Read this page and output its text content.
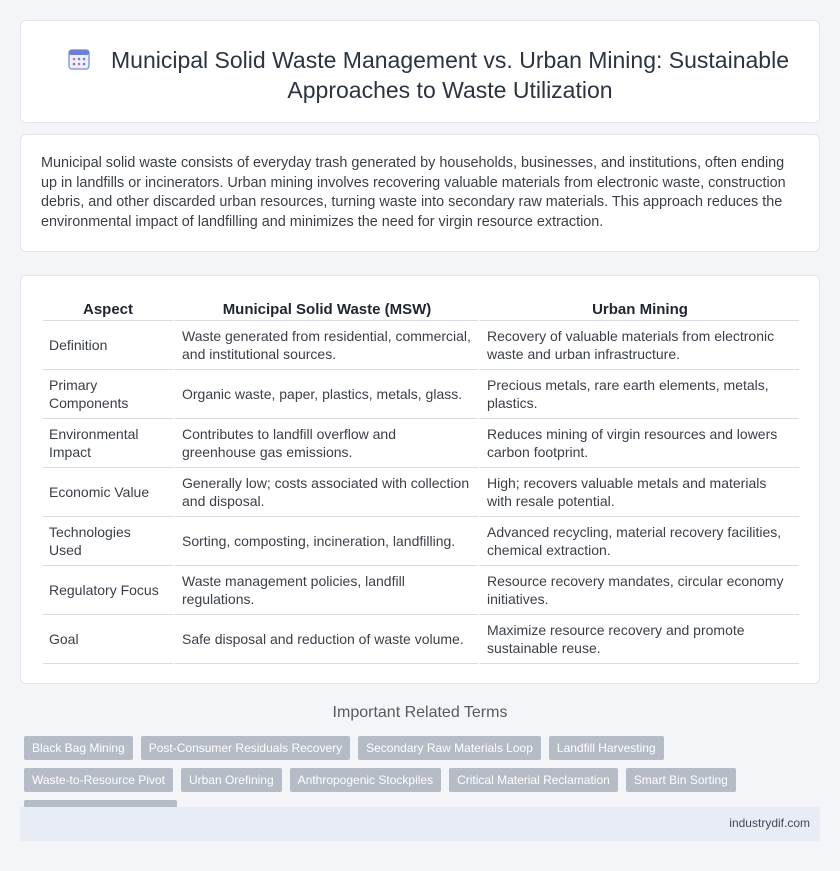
Municipal Solid Waste Management vs. Urban Mining: Sustainable Approaches to Waste Utilization

Municipal solid waste consists of everyday trash generated by households, businesses, and institutions, often ending up in landfills or incinerators. Urban mining involves recovering valuable materials from electronic waste, construction debris, and other discarded urban resources, turning waste into secondary raw materials. This approach reduces the environmental impact of landfilling and minimizes the need for virgin resource extraction.

Aspect	Municipal Solid Waste (MSW)	Urban Mining
Definition	Waste generated from residential, commercial, and institutional sources.	Recovery of valuable materials from electronic waste and urban infrastructure.
Primary Components	Organic waste, paper, plastics, metals, glass.	Precious metals, rare earth elements, metals, plastics.
Environmental Impact	Contributes to landfill overflow and greenhouse gas emissions.	Reduces mining of virgin resources and lowers carbon footprint.
Economic Value	Generally low; costs associated with collection and disposal.	High; recovers valuable metals and materials with resale potential.
Technologies Used	Sorting, composting, incineration, landfilling.	Advanced recycling, material recovery facilities, chemical extraction.
Regulatory Focus	Waste management policies, landfill regulations.	Resource recovery mandates, circular economy initiatives.
Goal	Safe disposal and reduction of waste volume.	Maximize resource recovery and promote sustainable reuse.
Important Related Terms
Black Bag Mining	Post-Consumer Residuals Recovery	Secondary Raw Materials Loop	Landfill Harvesting
Waste-to-Resource Pivot	Urban Orefining	Anthropogenic Stockpiles	Critical Material Reclamation	Smart Bin Sorting
industrydif.com
